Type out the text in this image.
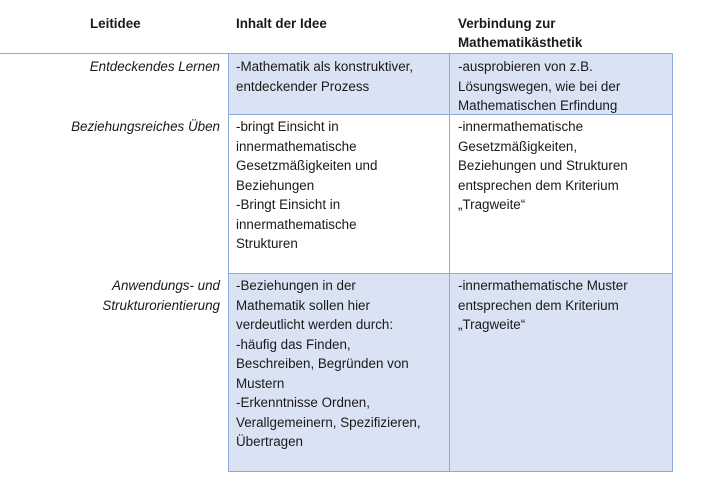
Leitidee	Inhalt der Idee	Verbindung zur
Mathematikästhetik
Entdeckendes Lernen -Mathematik als konstruktiver,
entdeckender Prozess
-ausprobieren von z.B.
Lösungswegen, wie bei der
Mathematischen Erfindung
Beziehungsreiches Üben -bringt Einsicht in
innermathematische
Gesetzmäßigkeiten und
Beziehungen
-Bringt Einsicht in
innermathematische
Strukturen
-innermathematische
Gesetzmäßigkeiten,
Beziehungen und Strukturen
entsprechen dem Kriterium
„Tragweite“
Anwendungs- und
Strukturorientierung
-Beziehungen in der
Mathematik sollen hier
verdeutlicht werden durch:
-häufig das Finden,
Beschreiben, Begründen von
Mustern
-Erkenntnisse Ordnen,
Verallgemeinern, Spezifizieren,
Übertragen
-innermathematische Muster
entsprechen dem Kriterium
„Tragweite“
